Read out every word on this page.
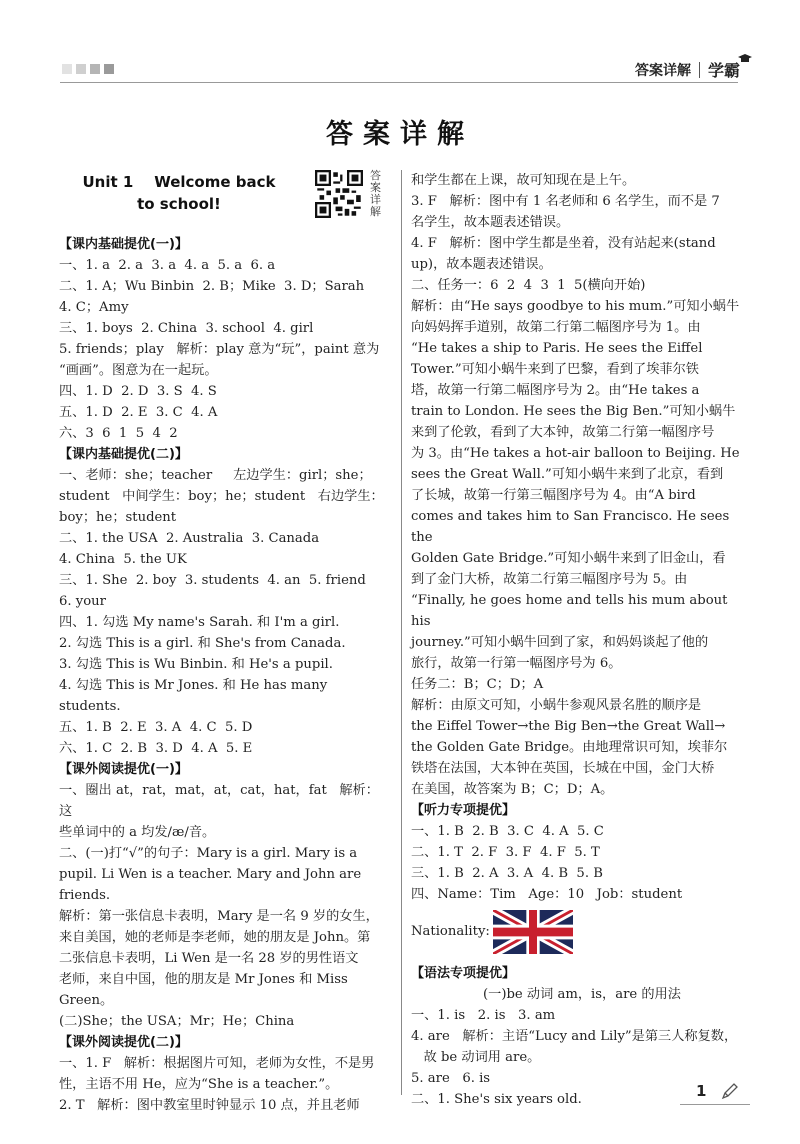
答案详解 学霸
答案详解
Unit 1    Welcome back
to school!
答案详解
【课内基础提优(一)】
一、1. a  2. a  3. a  4. a  5. a  6. a
二、1. A；Wu Binbin  2. B；Mike  3. D；Sarah
4. C；Amy
三、1. boys  2. China  3. school  4. girl
5. friends；play   解析：play 意为“玩”，paint 意为
“画画”。图意为在一起玩。
四、1. D  2. D  3. S  4. S
五、1. D  2. E  3. C  4. A
六、3  6  1  5  4  2
【课内基础提优(二)】
一、老师：she；teacher     左边学生：girl；she；
student   中间学生：boy；he；student   右边学生：
boy；he；student
二、1. the USA  2. Australia  3. Canada
4. China  5. the UK
三、1. She  2. boy  3. students  4. an  5. friend
6. your
四、1. 勾选 My name's Sarah. 和 I'm a girl.
2. 勾选 This is a girl. 和 She's from Canada.
3. 勾选 This is Wu Binbin. 和 He's a pupil.
4. 勾选 This is Mr Jones. 和 He has many students.
五、1. B  2. E  3. A  4. C  5. D
六、1. C  2. B  3. D  4. A  5. E
【课外阅读提优(一)】
一、圈出 at，rat，mat，at，cat，hat，fat   解析：这
些单词中的 a 均发/æ/音。
二、(一)打“√”的句子：Mary is a girl. Mary is a
pupil. Li Wen is a teacher. Mary and John are
friends.
解析：第一张信息卡表明，Mary 是一名 9 岁的女生，
来自美国，她的老师是李老师，她的朋友是 John。第
二张信息卡表明，Li Wen 是一名 28 岁的男性语文
老师，来自中国，他的朋友是 Mr Jones 和 Miss
Green。
(二)She；the USA；Mr；He；China
【课外阅读提优(二)】
一、1. F   解析：根据图片可知，老师为女性，不是男
性，主语不用 He，应为“She is a teacher.”。
2. T   解析：图中教室里时钟显示 10 点，并且老师
和学生都在上课，故可知现在是上午。
3. F   解析：图中有 1 名老师和 6 名学生，而不是 7
名学生，故本题表述错误。
4. F   解析：图中学生都是坐着，没有站起来(stand
up)，故本题表述错误。
二、任务一：6  2  4  3  1  5(横向开始)
解析：由“He says goodbye to his mum.”可知小蜗牛
向妈妈挥手道别，故第二行第二幅图序号为 1。由
“He takes a ship to Paris. He sees the Eiffel
Tower.”可知小蜗牛来到了巴黎，看到了埃菲尔铁
塔，故第一行第二幅图序号为 2。由“He takes a
train to London. He sees the Big Ben.”可知小蜗牛
来到了伦敦，看到了大本钟，故第二行第一幅图序号
为 3。由“He takes a hot-air balloon to Beijing. He
sees the Great Wall.”可知小蜗牛来到了北京，看到
了长城，故第一行第三幅图序号为 4。由“A bird
comes and takes him to San Francisco. He sees the
Golden Gate Bridge.”可知小蜗牛来到了旧金山，看
到了金门大桥，故第二行第三幅图序号为 5。由
“Finally, he goes home and tells his mum about his
journey.”可知小蜗牛回到了家，和妈妈谈起了他的
旅行，故第一行第一幅图序号为 6。
任务二：B；C；D；A
解析：由原文可知，小蜗牛参观风景名胜的顺序是
the Eiffel Tower→the Big Ben→the Great Wall→
the Golden Gate Bridge。由地理常识可知，埃菲尔
铁塔在法国，大本钟在英国，长城在中国，金门大桥
在美国，故答案为 B；C；D；A。
【听力专项提优】
一、1. B  2. B  3. C  4. A  5. C
二、1. T  2. F  3. F  4. F  5. T
三、1. B  2. A  3. A  4. B  5. B
四、Name：Tim   Age：10   Job：student
Nationality:
【语法专项提优】
(一)be 动词 am，is，are 的用法
一、1. is   2. is   3. am
4. are   解析：主语“Lucy and Lily”是第三人称复数，
故 be 动词用 are。
5. are   6. is
二、1. She's six years old.	1
